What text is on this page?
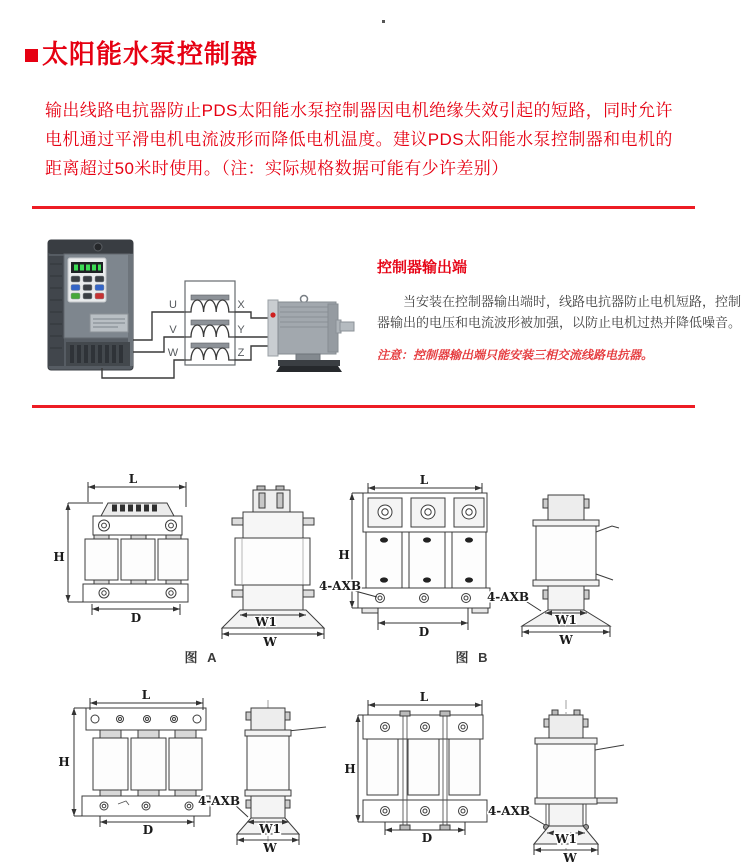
太阳能水泵控制器
输出线路电抗器防止PDS太阳能水泵控制器因电机绝缘失效引起的短路，同时允许
电机通过平滑电机电流波形而降低电机温度。建议PDS太阳能水泵控制器和电机的
距离超过50米时使用。（注：实际规格数据可能有少许差别）
U
V
W
X
Y
Z
控制器输出端

当安装在控制器输出端时，线路电抗器防止电机短路，控制器输出的电压和电流波形被加强，以防止电机过热并降低噪音。

注意：控制器输出端只能安装三相交流线路电抗器。

L
H
D	W1
W
图 A
L
H
4-AXB
D
4-AXB
W1
W
图 B
L
H
D
4-AXB
W1
W
L
H
D
4-AXB
W1
W
